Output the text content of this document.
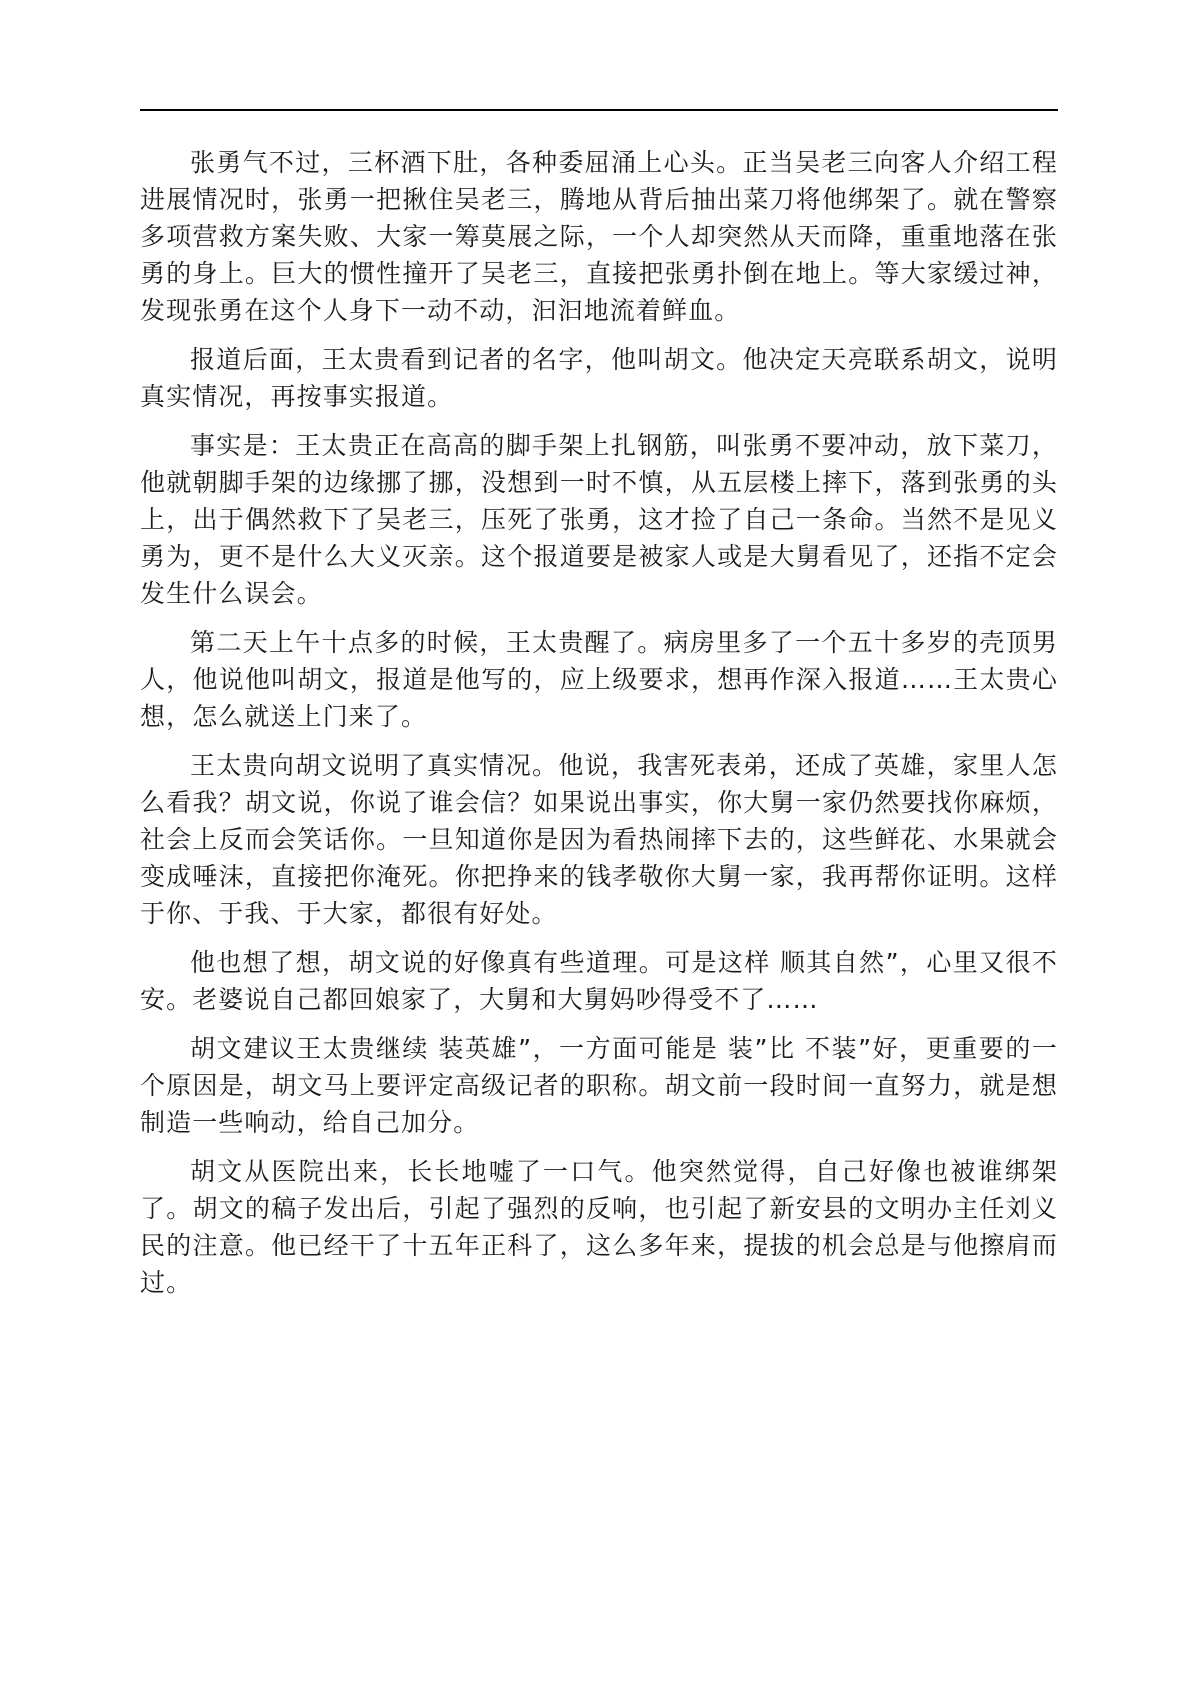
张勇气不过，三杯酒下肚，各种委屈涌上心头。正当吴老三向客人介绍工程进展情况时，张勇一把揪住吴老三，腾地从背后抽出菜刀将他绑架了。就在警察多项营救方案失败、大家一筹莫展之际，一个人却突然从天而降，重重地落在张勇的身上。巨大的惯性撞开了吴老三，直接把张勇扑倒在地上。等大家缓过神，发现张勇在这个人身下一动不动，汩汩地流着鲜血。

报道后面，王太贵看到记者的名字，他叫胡文。他决定天亮联系胡文，说明真实情况，再按事实报道。

事实是：王太贵正在高高的脚手架上扎钢筋，叫张勇不要冲动，放下菜刀，他就朝脚手架的边缘挪了挪，没想到一时不慎，从五层楼上摔下，落到张勇的头上，出于偶然救下了吴老三，压死了张勇，这才捡了自己一条命。当然不是见义勇为，更不是什么大义灭亲。这个报道要是被家人或是大舅看见了，还指不定会发生什么误会。

第二天上午十点多的时候，王太贵醒了。病房里多了一个五十多岁的壳顶男人，他说他叫胡文，报道是他写的，应上级要求，想再作深入报道……王太贵心想，怎么就送上门来了。

王太贵向胡文说明了真实情况。他说，我害死表弟，还成了英雄，家里人怎么看我？胡文说，你说了谁会信？如果说出事实，你大舅一家仍然要找你麻烦，社会上反而会笑话你。一旦知道你是因为看热闹摔下去的，这些鲜花、水果就会变成唾沫，直接把你淹死。你把挣来的钱孝敬你大舅一家，我再帮你证明。这样于你、于我、于大家，都很有好处。

他也想了想，胡文说的好像真有些道理。可是这样 顺其自然”，心里又很不安。老婆说自己都回娘家了，大舅和大舅妈吵得受不了……

胡文建议王太贵继续 装英雄”，一方面可能是 装”比 不装”好，更重要的一个原因是，胡文马上要评定高级记者的职称。胡文前一段时间一直努力，就是想制造一些响动，给自己加分。

胡文从医院出来，长长地嘘了一口气。他突然觉得，自己好像也被谁绑架了。胡文的稿子发出后，引起了强烈的反响，也引起了新安县的文明办主任刘义民的注意。他已经干了十五年正科了，这么多年来，提拔的机会总是与他擦肩而过。
